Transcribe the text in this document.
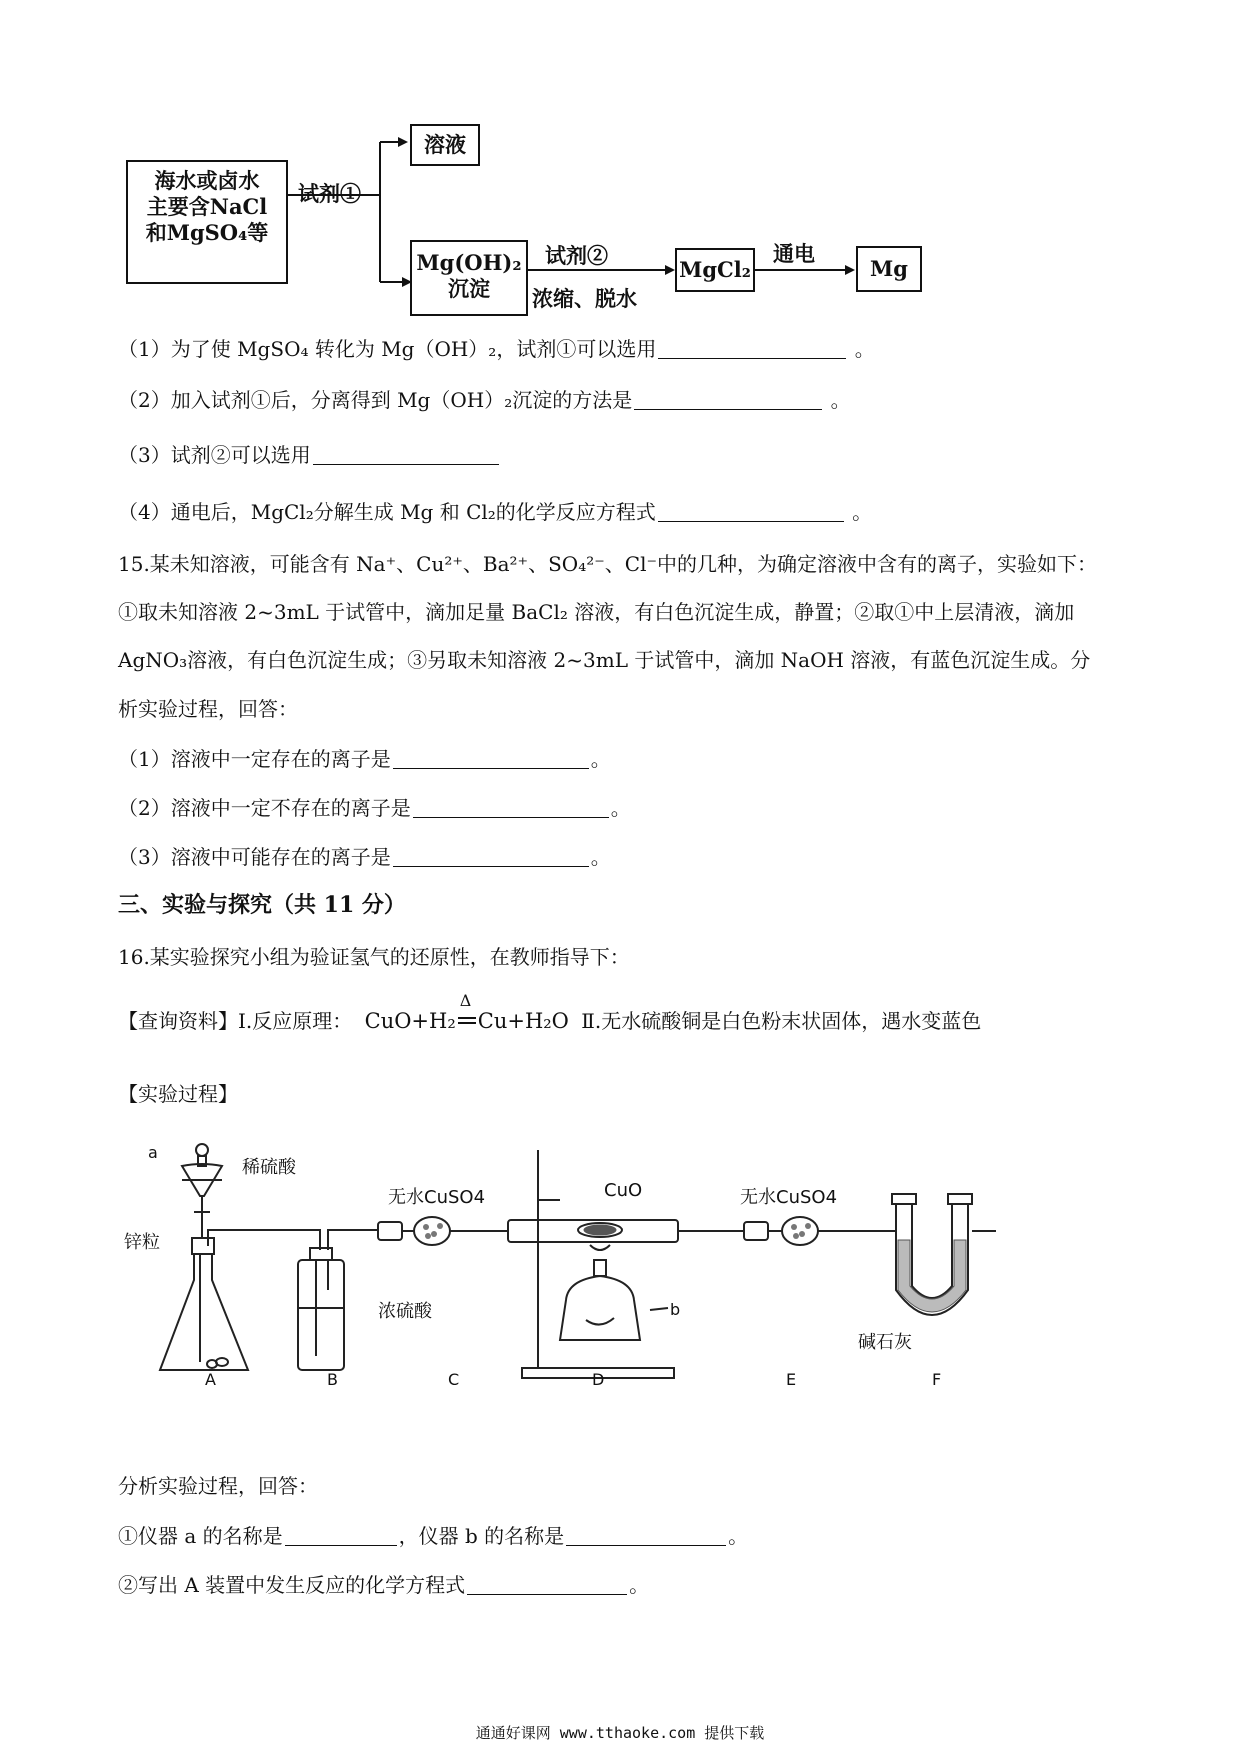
海水或卤水
主要含NaCl
和MgSO₄等
试剂①
溶液
Mg(OH)₂
沉淀
试剂②
浓缩、脱水
MgCl₂
通电
Mg
（1）为了使 MgSO₄ 转化为 Mg（OH）₂，试剂①可以选用	。
（2）加入试剂①后，分离得到 Mg（OH）₂沉淀的方法是	。
（3）试剂②可以选用
（4）通电后，MgCl₂分解生成 Mg 和 Cl₂的化学反应方程式	。
15.某未知溶液，可能含有 Na⁺、Cu²⁺、Ba²⁺、SO₄²⁻、Cl⁻中的几种，为确定溶液中含有的离子，实验如下：
①取未知溶液 2~3mL 于试管中，滴加足量 BaCl₂ 溶液，有白色沉淀生成，静置；②取①中上层清液，滴加
AgNO₃溶液，有白色沉淀生成；③另取未知溶液 2~3mL 于试管中，滴加 NaOH 溶液，有蓝色沉淀生成。分
析实验过程，回答：
（1）溶液中一定存在的离子是	。
（2）溶液中一定不存在的离子是	。
（3）溶液中可能存在的离子是	。
三、实验与探究（共 11 分）
16.某实验探究小组为验证氢气的还原性，在教师指导下：
【查询资料】Ⅰ.反应原理： CuO+H₂
Δ
Cu+H₂O Ⅱ.无水硫酸铜是白色粉末状固体，遇水变蓝色
【实验过程】
a
稀硫酸
锌粒
浓硫酸
无水CuSO4	CuO
b
无水CuSO4
碱石灰
A	B	C	D	E	F
分析实验过程，回答：
①仪器 a 的名称是	，仪器 b 的名称是	。
②写出 A 装置中发生反应的化学方程式	。
通通好课网 www.tthaoke.com 提供下载
